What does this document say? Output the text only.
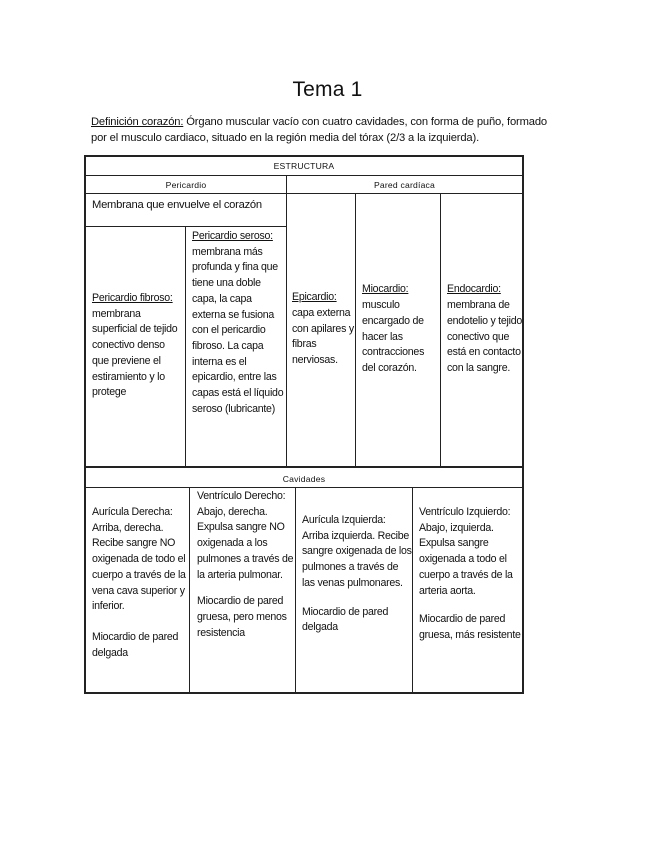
Tema 1
Definición corazón: Órgano muscular vacío con cuatro cavidades, con forma de puño, formado por el musculo cardiaco, situado en la región media del tórax (2/3 a la izquierda).
ESTRUCTURA
Pericardio	Pared cardíaca
Membrana que envuelve el corazón
Pericardio fibroso:
membrana superficial de tejido conectivo denso que previene el estiramiento y lo protege
Pericardio seroso:
membrana más profunda y fina que tiene una doble capa, la capa externa se fusiona con el pericardio fibroso. La capa interna es el epicardio, entre las capas está el líquido seroso (lubricante)
Epicardio:
capa externa con apilares y fibras nerviosas.
Miocardio:
musculo encargado de hacer las contracciones del corazón.
Endocardio:
membrana de endotelio y tejido conectivo que está en contacto con la sangre.
Cavidades
Aurícula Derecha: Arriba, derecha. Recibe sangre NO oxigenada de todo el cuerpo a través de la vena cava superior y inferior.
Miocardio de pared delgada
Ventrículo Derecho: Abajo, derecha. Expulsa sangre NO oxigenada a los pulmones a través de la arteria pulmonar.
Miocardio de pared gruesa, pero menos resistencia
Aurícula Izquierda: Arriba izquierda. Recibe sangre oxigenada de los pulmones a través de las venas pulmonares.
Miocardio de pared delgada
Ventrículo Izquierdo: Abajo, izquierda. Expulsa sangre oxigenada a todo el cuerpo a través de la arteria aorta.
Miocardio de pared gruesa, más resistente
